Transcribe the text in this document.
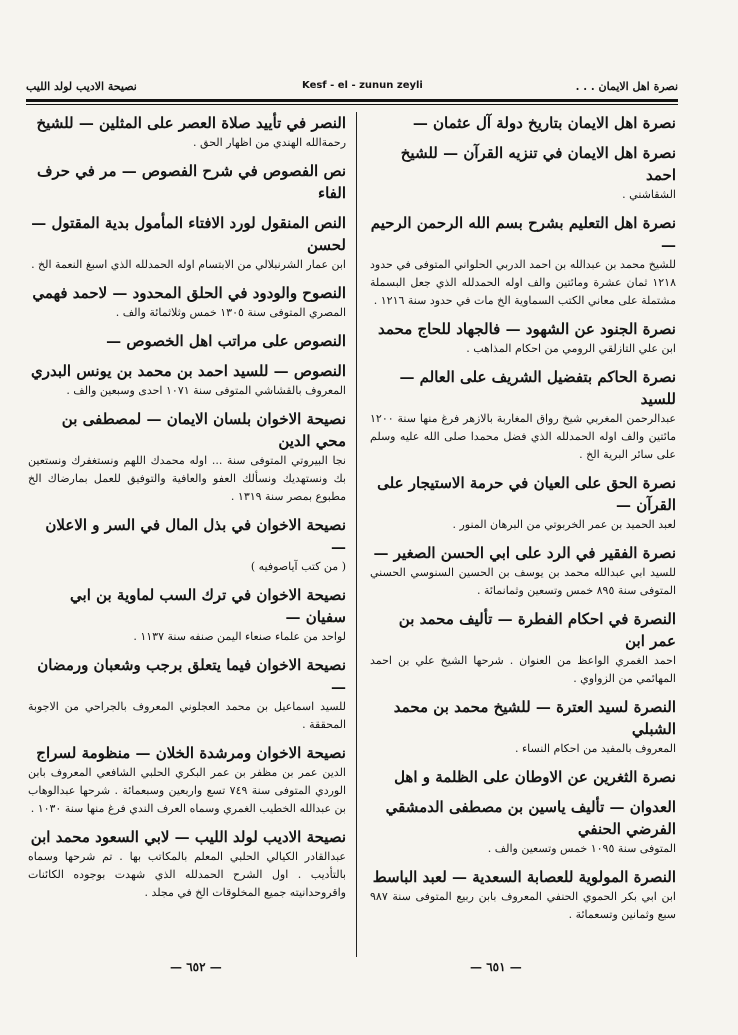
نصيحة الاديب لولد الليب	Kesf - el - zunun zeyli	نصرة اهل الايمان . . .
نصرة اهل الايمان بتاريخ دولة آل عثمان —
نصرة اهل الايمان في تنزيه القرآن — للشيخ احمد
الشقاشني .
نصرة اهل التعليم بشرح بسم الله الرحمن الرحيم —
للشيخ محمد بن عبدالله بن احمد الدربي الحلواني المتوفى في حدود ١٢١٨ ثمان عشرة ومائتين والف اوله الحمدلله الذي جعل البسملة مشتملة على معاني الكتب السماوية الخ مات في حدود سنة ١٢١٦ .
نصرة الجنود عن الشهود — فالجهاد للحاج محمد
ابن علي التازلقي الرومي من احكام المذاهب .
نصرة الحاكم بتفضيل الشريف على العالم — للسيد
عبدالرحمن المغربي شيخ رواق المغاربة بالازهر فرغ منها سنة ١٢٠٠ مائتين والف اوله الحمدلله الذي فضل محمدا صلى الله عليه وسلم على سائر البرية الخ .
نصرة الحق على العيان في حرمة الاستيجار على القرآن —
لعبد الحميد بن عمر الخربوتي من البرهان المنور .
نصرة الفقير في الرد على ابي الحسن الصغير —
للسيد ابي عبدالله محمد بن يوسف بن الحسين السنوسي الحسني المتوفى سنة ٨٩٥ خمس وتسعين وثمانمائة .
النصرة في احكام الفطرة — تأليف محمد بن عمر ابن
احمد الغمري الواعظ من العنوان . شرحها الشيخ علي بن احمد المهائمي من الزواوي .
النصرة لسيد العترة — للشيخ محمد بن محمد الشبلي
المعروف بالمفيد من احكام النساء .
نصرة الثغرين عن الاوطان على الظلمة و اهل
العدوان — تأليف ياسين بن مصطفى الدمشقي الفرضي الحنفي
المتوفى سنة ١٠٩٥ خمس وتسعين والف .
النصرة المولوية للعصابة السعدية — لعبد الباسط
ابن ابي بكر الحموي الحنفي المعروف بابن ربيع المتوفى سنة ٩٨٧ سبع وثمانين وتسعمائة .
النصر في تأييد صلاة العصر على المثلين — للشيخ
رحمةالله الهندي من اظهار الحق .
نص الفصوص في شرح الفصوص — مر في حرف الفاء
النص المنقول لورد الافتاء المأمول بدية المقتول — لحسن
ابن عمار الشرنبلالي من الابتسام اوله الحمدلله الذي اسبغ النعمة الخ .
النصوح والودود في الحلق المحدود — لاحمد فهمي
المصري المتوفى سنة ١٣٠٥ خمس وثلاثمائة والف .
النصوص على مراتب اهل الخصوص —
النصوص — للسيد احمد بن محمد بن يونس البدري
المعروف بالقشاشي المتوفى سنة ١٠٧١ احدى وسبعين والف .
نصيحة الاخوان بلسان الايمان — لمصطفى بن محي الدين
نجا البيروتي المتوفى سنة ... اوله محمدك اللهم ونستغفرك ونستعين بك ونستهديك ونسألك العفو والعافية والتوفيق للعمل بمارضاك الخ مطبوع بمصر سنة ١٣١٩ .
نصيحة الاخوان في بذل المال في السر و الاعلان —
( من كتب آياصوفيه )
نصيحة الاخوان في ترك السب لماوية بن ابي سفيان —
لواحد من علماء صنعاء اليمن صنفه سنة ١١٣٧ .
نصيحة الاخوان فيما يتعلق برجب وشعبان ورمضان —
للسيد اسماعيل بن محمد العجلوني المعروف بالجراحي من الاجوبة المحققة .
نصيحة الاخوان ومرشدة الخلان — منظومة لسراج
الدين عمر بن مظفر بن عمر البكري الحلبي الشافعي المعروف بابن الوردي المتوفى سنة ٧٤٩ تسع واربعين وسبعمائة . شرحها عبدالوهاب بن عبدالله الخطيب الغمري وسماه العرف الندي فرغ منها سنة ١٠٣٠ .
نصيحة الاديب لولد الليب — لابي السعود محمد ابن
عبدالقادر الكيالي الحلبي المعلم بالمكاتب بها . تم شرحها وسماه بالتأديب . اول الشرح الحمدلله الذي شهدت بوجوده الكائنات واقروحدانيته جميع المخلوقات الخ في مجلد .
— ٦٥١ —
— ٦٥٢ —
